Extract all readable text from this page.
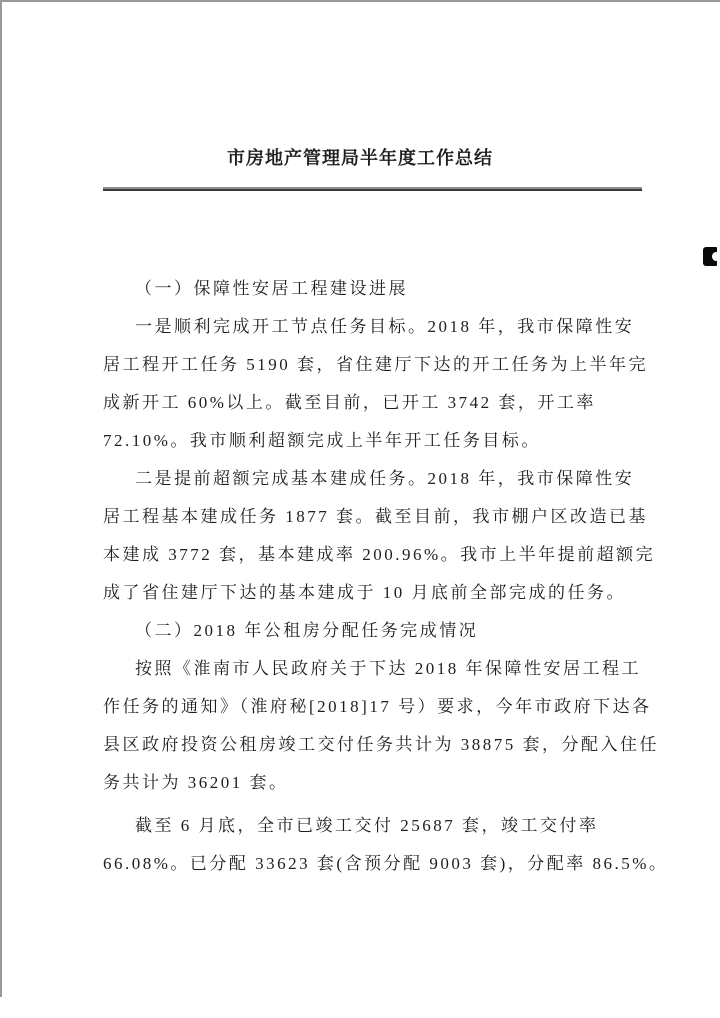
市房地产管理局半年度工作总结
（一）保障性安居工程建设进展
一是顺利完成开工节点任务目标。2018 年，我市保障性安
居工程开工任务 5190 套，省住建厅下达的开工任务为上半年完
成新开工 60%以上。截至目前，已开工 3742 套，开工率
72.10%。我市顺利超额完成上半年开工任务目标。
二是提前超额完成基本建成任务。2018 年，我市保障性安
居工程基本建成任务 1877 套。截至目前，我市棚户区改造已基
本建成 3772 套，基本建成率 200.96%。我市上半年提前超额完
成了省住建厅下达的基本建成于 10 月底前全部完成的任务。
（二）2018 年公租房分配任务完成情况
按照《淮南市人民政府关于下达 2018 年保障性安居工程工
作任务的通知》（淮府秘[2018]17 号）要求，今年市政府下达各
县区政府投资公租房竣工交付任务共计为 38875 套，分配入住任
务共计为 36201 套。
截至 6 月底，全市已竣工交付 25687 套，竣工交付率
66.08%。已分配 33623 套(含预分配 9003 套)，分配率 86.5%。
